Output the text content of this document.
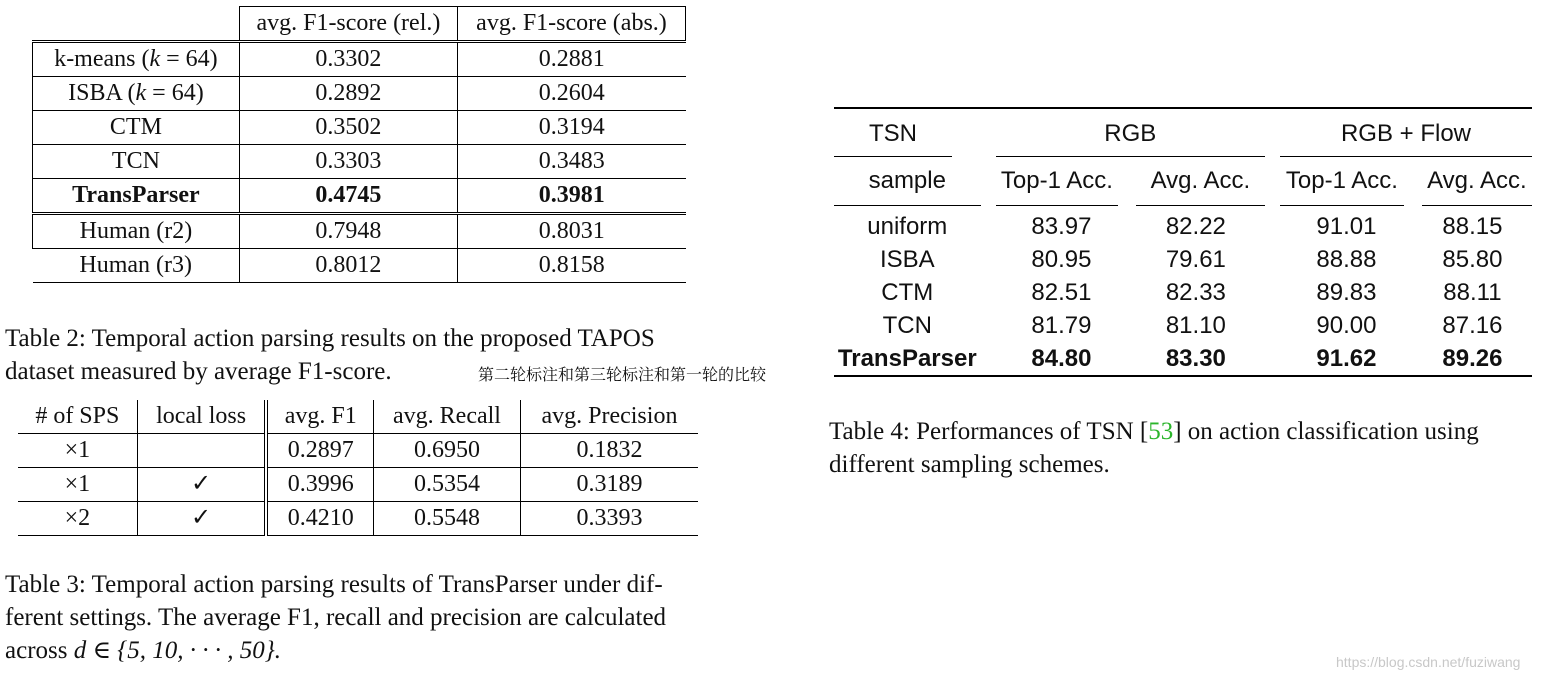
	avg. F1-score (rel.)	avg. F1-score (abs.)
k-means (k = 64)	0.3302	0.2881
ISBA (k = 64)	0.2892	0.2604
CTM	0.3502	0.3194
TCN	0.3303	0.3483
TransParser	0.4745	0.3981
Human (r2)	0.7948	0.8031
Human (r3)	0.8012	0.8158
Table 2: Temporal action parsing results on the proposed TAPOS dataset measured by average F1-score.	第二轮标注和第三轮标注和第一轮的比较
# of SPS	local loss	avg. F1	avg. Recall	avg. Precision
×1		0.2897	0.6950	0.1832
×1	✓	0.3996	0.5354	0.3189
×2	✓	0.4210	0.5548	0.3393
Table 3: Temporal action parsing results of TransParser under dif-
ferent settings. The average F1, recall and precision are calculated
across d ∈ {5, 10, · · · , 50}.
TSN		RGB			RGB + Flow	

sample		Top-1 Acc.	Avg. Acc.		Top-1 Acc.	Avg. Acc.
uniform		83.97	82.22		91.01	88.15
ISBA		80.95	79.61		88.88	85.80
CTM		82.51	82.33		89.83	88.11
TCN		81.79	81.10		90.00	87.16
TransParser		84.80	83.30		91.62	89.26
Table 4: Performances of TSN [53] on action classification using
different sampling schemes.
https://blog.csdn.net/fuziwang
